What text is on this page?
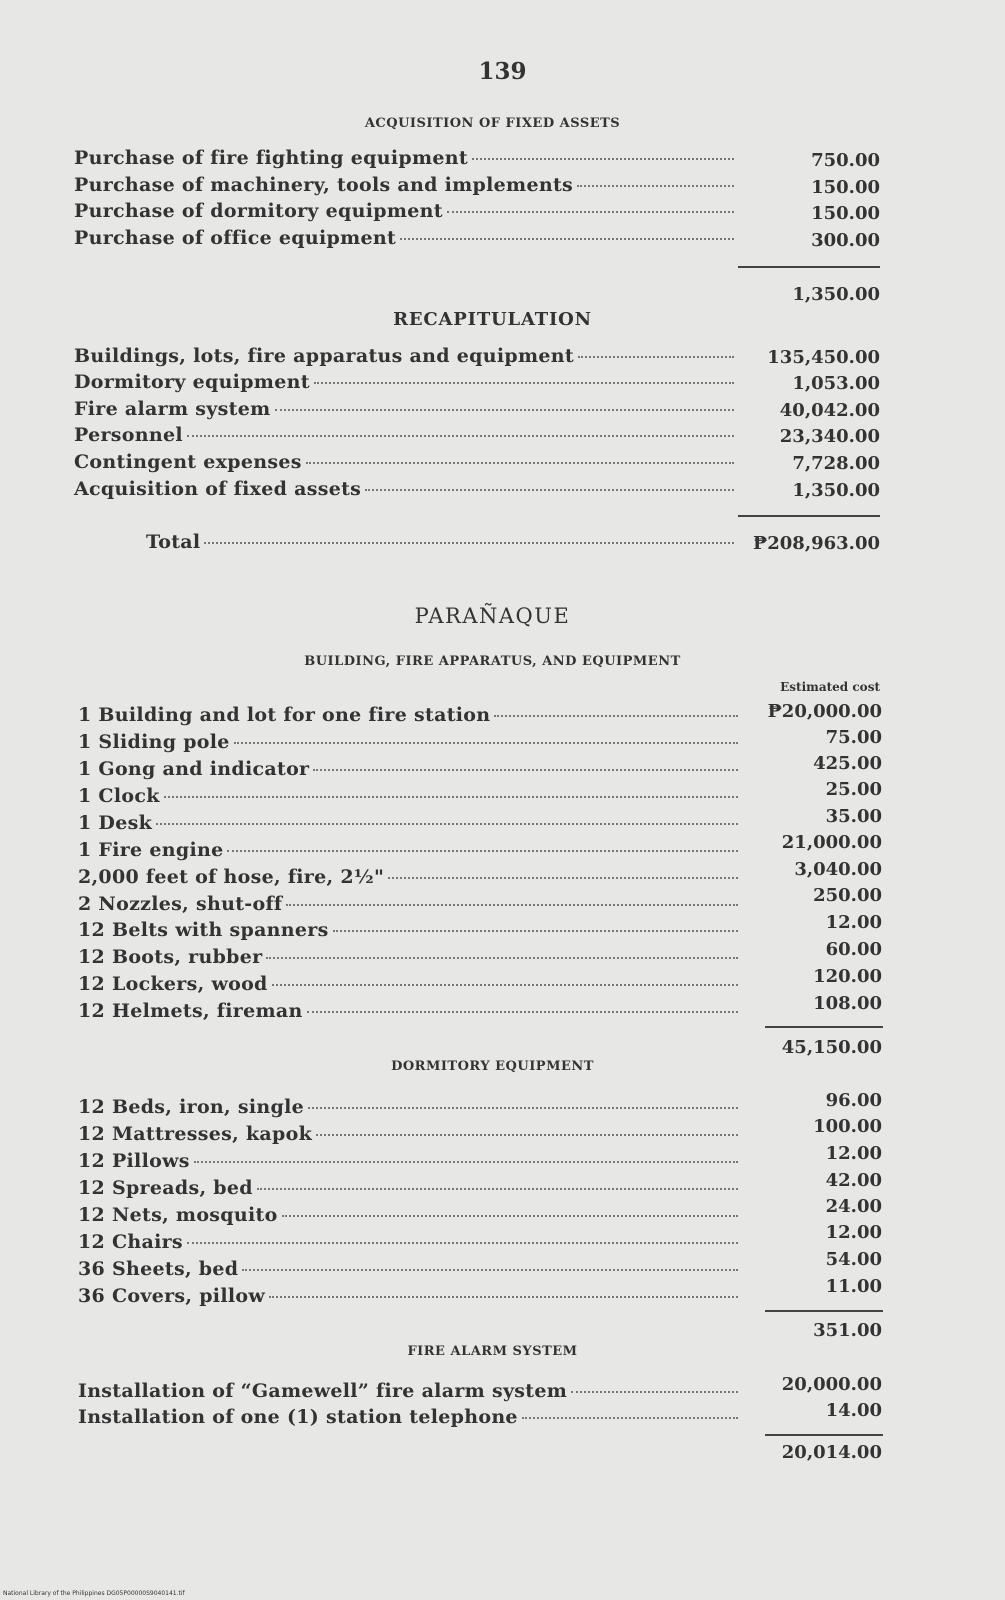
139
ACQUISITION OF FIXED ASSETS
Purchase of fire fighting equipment	750.00
Purchase of machinery, tools and implements	150.00
Purchase of dormitory equipment	150.00
Purchase of office equipment	300.00
1,350.00
RECAPITULATION
Buildings, lots, fire apparatus and equipment	135,450.00
Dormitory equipment	1,053.00
Fire alarm system	40,042.00
Personnel	23,340.00
Contingent expenses	7,728.00
Acquisition of fixed assets	1,350.00
Total	₱208,963.00
PARAÑAQUE
BUILDING, FIRE APPARATUS, AND EQUIPMENT
Estimated cost
1 Building and lot for one fire station	₱20,000.00
1 Sliding pole	75.00
1 Gong and indicator	425.00
1 Clock	25.00
1 Desk	35.00
1 Fire engine	21,000.00
2,000 feet of hose, fire, 2½"	3,040.00
2 Nozzles, shut-off	250.00
12 Belts with spanners	12.00
12 Boots, rubber	60.00
12 Lockers, wood	120.00
12 Helmets, fireman	108.00
45,150.00
DORMITORY EQUIPMENT
12 Beds, iron, single	96.00
12 Mattresses, kapok	100.00
12 Pillows	12.00
12 Spreads, bed	42.00
12 Nets, mosquito	24.00
12 Chairs	12.00
36 Sheets, bed	54.00
36 Covers, pillow	11.00
351.00
FIRE ALARM SYSTEM
Installation of “Gamewell” fire alarm system	20,000.00
Installation of one (1) station telephone	14.00
20,014.00
National Library of the Philippines DG05P00000S9040141.tif
